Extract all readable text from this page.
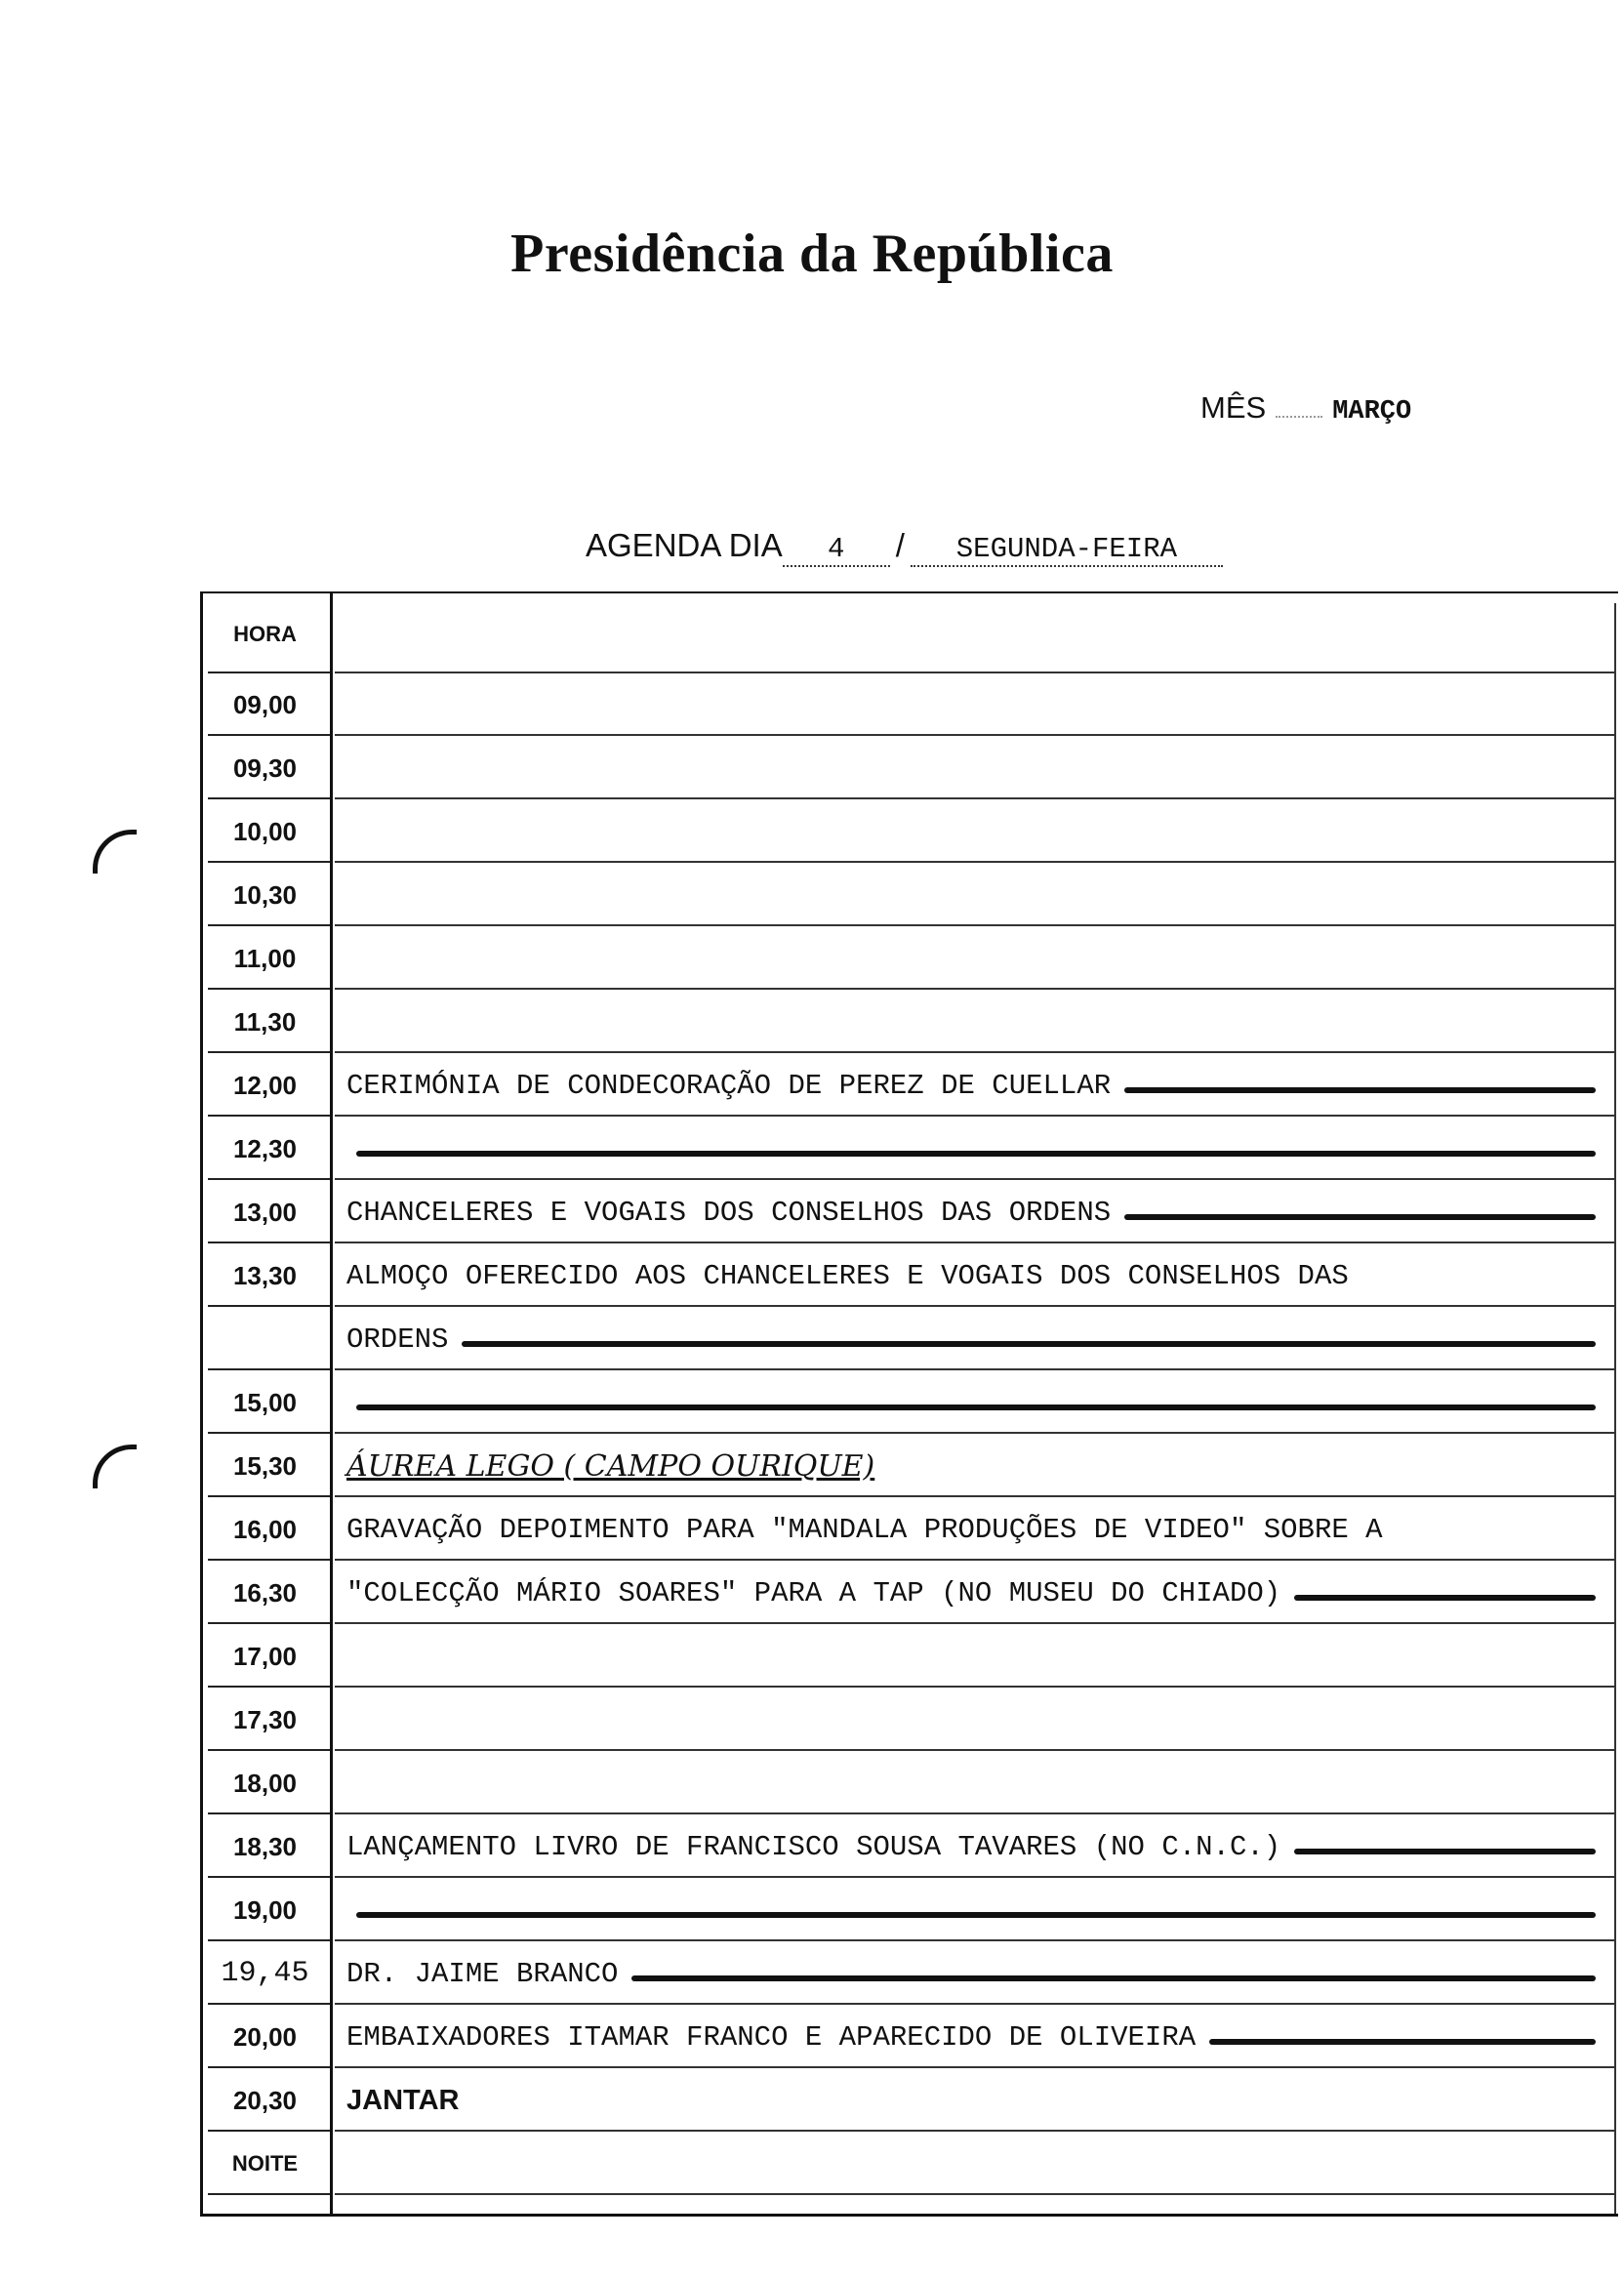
Presidência da República
MÊS	MARÇO
AGENDA DIA	4	/	SEGUNDA-FEIRA
HORA
09,00
09,30
10,00
10,30
11,00
11,30
12,00	CERIMÓNIA DE CONDECORAÇÃO DE PEREZ DE CUELLAR
12,30
13,00	CHANCELERES E VOGAIS DOS CONSELHOS DAS ORDENS
13,30	ALMOÇO OFERECIDO AOS CHANCELERES E VOGAIS DOS CONSELHOS DAS
ORDENS
15,00
15,30	ÁUREA LEGO ( CAMPO OURIQUE)
16,00	GRAVAÇÃO DEPOIMENTO PARA "MANDALA PRODUÇÕES DE VIDEO" SOBRE A
16,30	"COLECÇÃO MÁRIO SOARES" PARA A TAP (NO MUSEU DO CHIADO)
17,00
17,30
18,00
18,30	LANÇAMENTO LIVRO DE FRANCISCO SOUSA TAVARES (NO C.N.C.)
19,00
19,45	DR. JAIME BRANCO
20,00	EMBAIXADORES ITAMAR FRANCO E APARECIDO DE OLIVEIRA
20,30	JANTAR
NOITE
